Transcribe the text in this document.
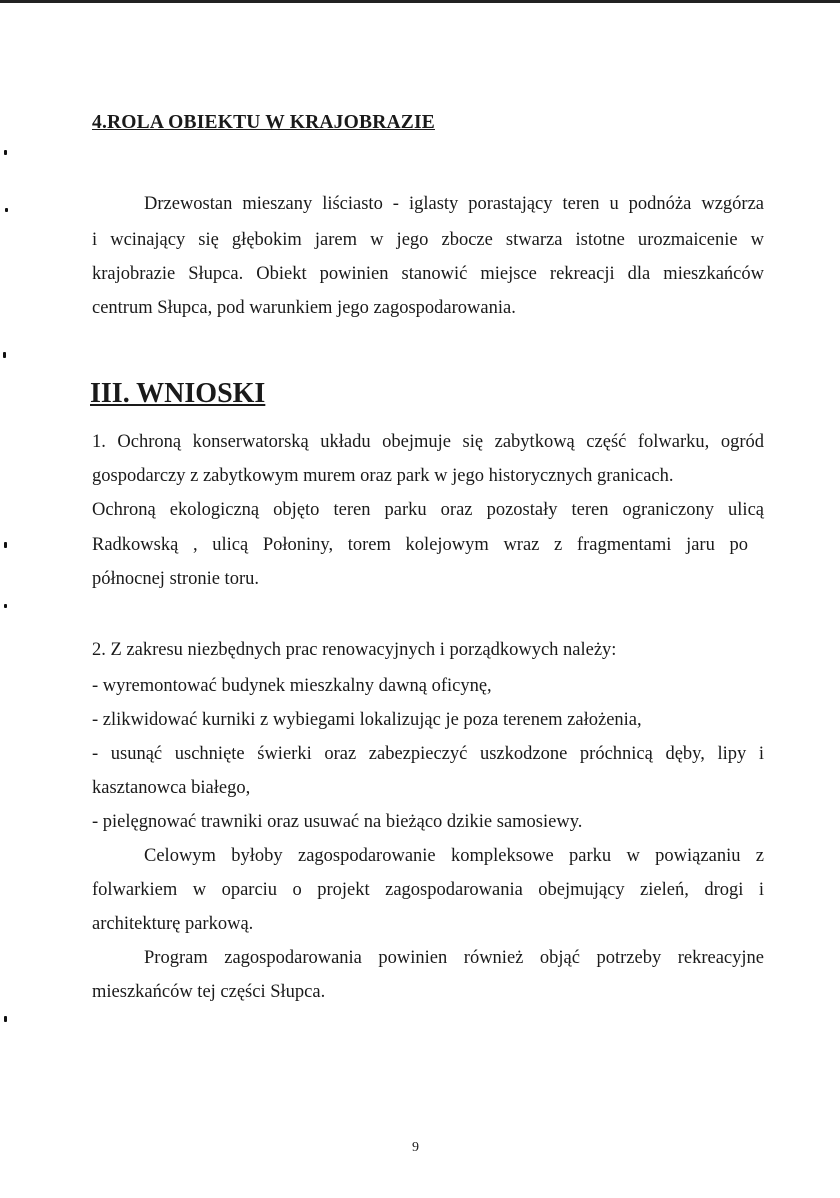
4.ROLA OBIEKTU W KRAJOBRAZIE

Drzewostan mieszany liściasto - iglasty porastający teren u podnóża wzgórza

i wcinający się głębokim jarem w jego zbocze stwarza istotne urozmaicenie w

krajobrazie Słupca. Obiekt powinien stanowić miejsce rekreacji dla mieszkańców

centrum Słupca, pod warunkiem jego zagospodarowania.

III. WNIOSKI

1. Ochroną konserwatorską układu obejmuje się zabytkową część folwarku, ogród

gospodarczy z zabytkowym murem oraz park w jego historycznych granicach.

Ochroną ekologiczną objęto teren parku oraz pozostały teren ograniczony ulicą

Radkowską , ulicą Połoniny, torem kolejowym wraz z fragmentami jaru po

północnej stronie toru.

2. Z zakresu niezbędnych prac renowacyjnych i porządkowych należy:

- wyremontować budynek mieszkalny dawną oficynę,

- zlikwidować kurniki z wybiegami lokalizując je poza terenem założenia,

- usunąć uschnięte świerki oraz zabezpieczyć uszkodzone próchnicą dęby, lipy i

kasztanowca białego,

- pielęgnować trawniki oraz usuwać na bieżąco dzikie samosiewy.

Celowym byłoby zagospodarowanie kompleksowe parku w powiązaniu z

folwarkiem w oparciu o projekt zagospodarowania obejmujący zieleń, drogi i

architekturę parkową.

Program zagospodarowania powinien również objąć potrzeby rekreacyjne

mieszkańców tej części Słupca.

9
